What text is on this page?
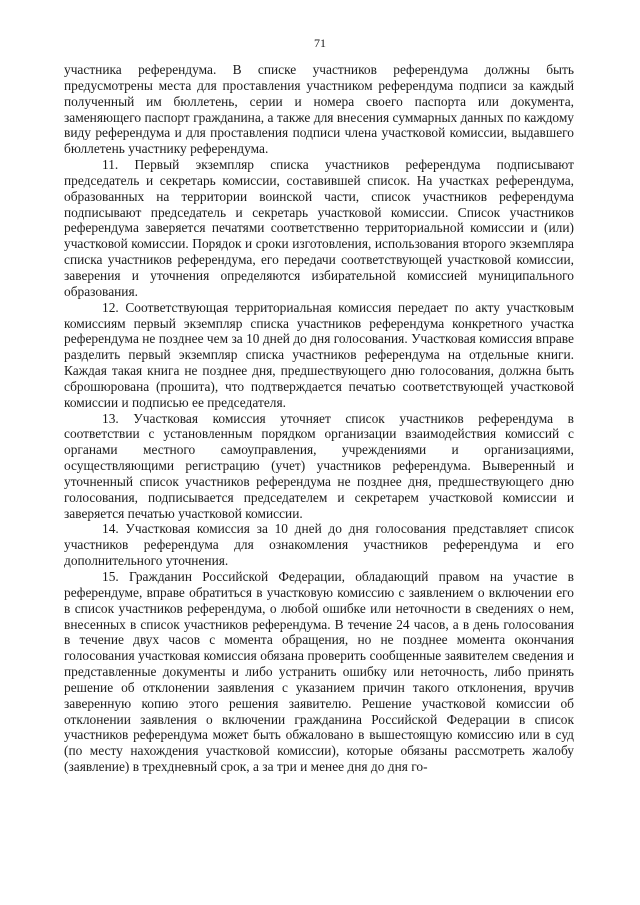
71

участника референдума. В списке участников референдума должны быть предусмотрены места для проставления участником референдума подписи за каждый полученный им бюллетень, серии и номера своего паспорта или документа, заменяющего паспорт гражданина, а также для внесения суммарных данных по каждому виду референдума и для проставления подписи члена участковой комиссии, выдавшего бюллетень участнику референдума.

11. Первый экземпляр списка участников референдума подписывают председатель и секретарь комиссии, составившей список. На участках референдума, образованных на территории воинской части, список участников референдума подписывают председатель и секретарь участковой комиссии. Список участников референдума заверяется печатями соответственно территориальной комиссии и (или) участковой комиссии. Порядок и сроки изготовления, использования второго экземпляра списка участников референдума, его передачи соответствующей участковой комиссии, заверения и уточнения определяются избирательной комиссией муниципального образования.

12. Соответствующая территориальная комиссия передает по акту участковым комиссиям первый экземпляр списка участников референдума конкретного участка референдума не позднее чем за 10 дней до дня голосования. Участковая комиссия вправе разделить первый экземпляр списка участников референдума на отдельные книги. Каждая такая книга не позднее дня, предшествующего дню голосования, должна быть сброшюрована (прошита), что подтверждается печатью соответствующей участковой комиссии и подписью ее председателя.

13. Участковая комиссия уточняет список участников референдума в соответствии с установленным порядком организации взаимодействия комиссий с органами местного самоуправления, учреждениями и организациями, осуществляющими регистрацию (учет) участников референдума. Выверенный и уточненный список участников референдума не позднее дня, предшествующего дню голосования, подписывается председателем и секретарем участковой комиссии и заверяется печатью участковой комиссии.

14. Участковая комиссия за 10 дней до дня голосования представляет список участников референдума для ознакомления участников референдума и его дополнительного уточнения.

15. Гражданин Российской Федерации, обладающий правом на участие в референдуме, вправе обратиться в участковую комиссию с заявлением о включении его в список участников референдума, о любой ошибке или неточности в сведениях о нем, внесенных в список участников референдума. В течение 24 часов, а в день голосования в течение двух часов с момента обращения, но не позднее момента окончания голосования участковая комиссия обязана проверить сообщенные заявителем сведения и представленные документы и либо устранить ошибку или неточность, либо принять решение об отклонении заявления с указанием причин такого отклонения, вручив заверенную копию этого решения заявителю. Решение участковой комиссии об отклонении заявления о включении гражданина Российской Федерации в список участников референдума может быть обжаловано в вышестоящую комиссию или в суд (по месту нахождения участковой комиссии), которые обязаны рассмотреть жалобу (заявление) в трехдневный срок, а за три и менее дня до дня го-
